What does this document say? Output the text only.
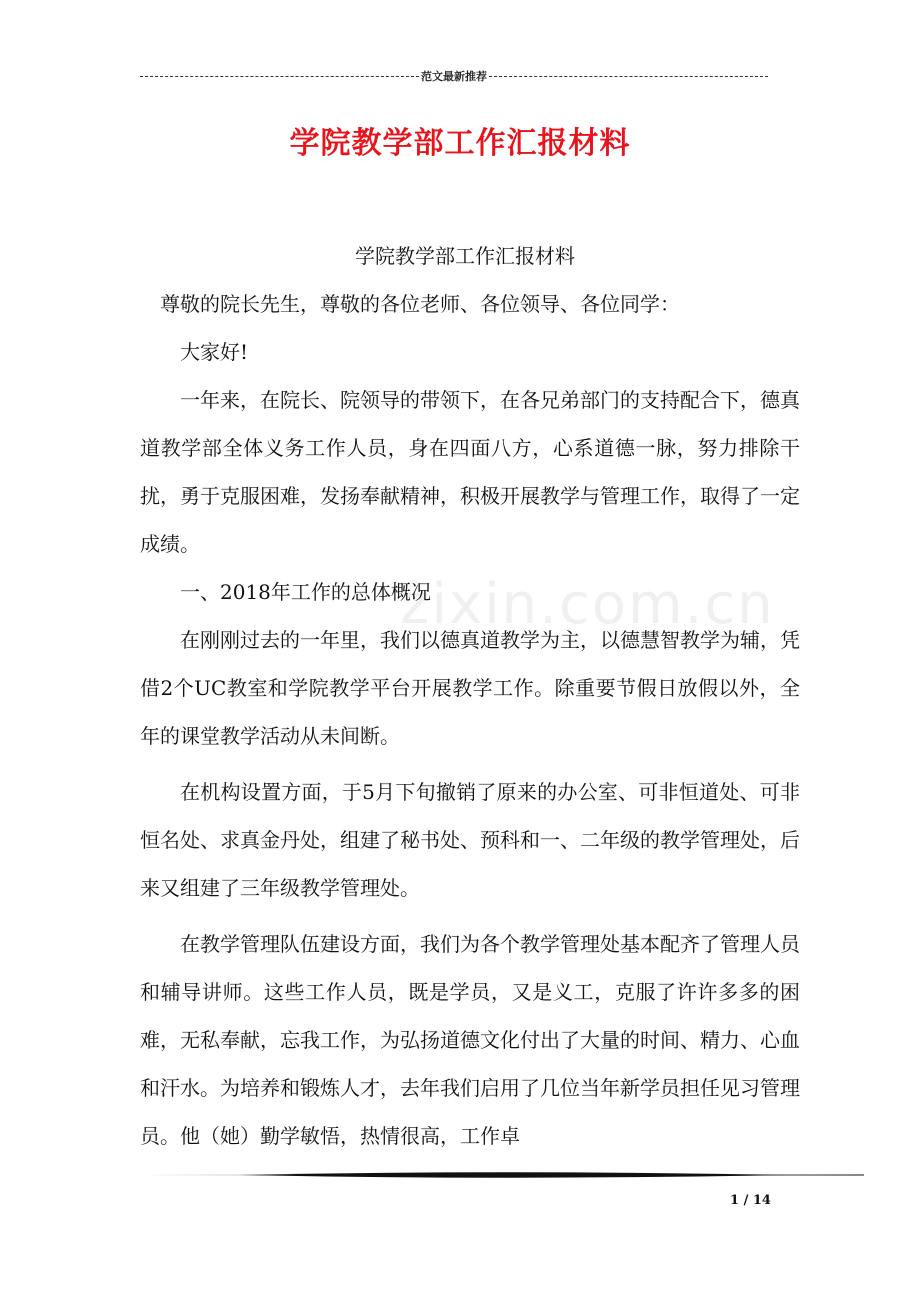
范文最新推荐
学院教学部工作汇报材料
zixin.com.cn

学院教学部工作汇报材料

尊敬的院长先生，尊敬的各位老师、各位领导、各位同学：

大家好!

一年来，在院长、院领导的带领下，在各兄弟部门的支持配合下，德真道教学部全体义务工作人员，身在四面八方，心系道德一脉，努力排除干扰，勇于克服困难，发扬奉献精神，积极开展教学与管理工作，取得了一定成绩。

一、2018年工作的总体概况

在刚刚过去的一年里，我们以德真道教学为主，以德慧智教学为辅，凭借2个UC教室和学院教学平台开展教学工作。除重要节假日放假以外，全年的课堂教学活动从未间断。

在机构设置方面，于5月下旬撤销了原来的办公室、可非恒道处、可非恒名处、求真金丹处，组建了秘书处、预科和一、二年级的教学管理处，后来又组建了三年级教学管理处。

在教学管理队伍建设方面，我们为各个教学管理处基本配齐了管理人员和辅导讲师。这些工作人员，既是学员，又是义工，克服了许许多多的困难，无私奉献，忘我工作，为弘扬道德文化付出了大量的时间、精力、心血和汗水。为培养和锻炼人才，去年我们启用了几位当年新学员担任见习管理员。他（她）勤学敏悟，热情很高，工作卓

1 / 14
